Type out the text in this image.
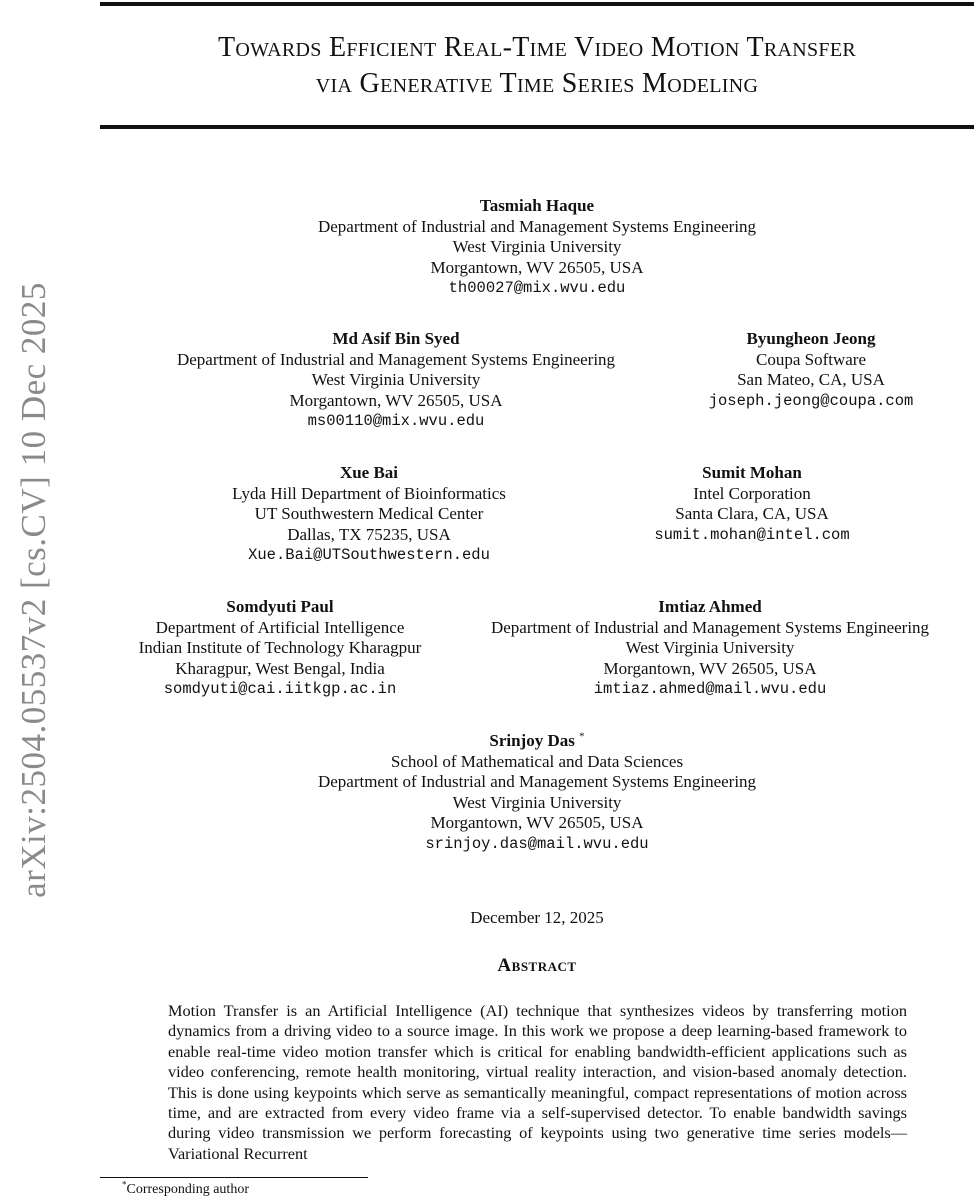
arXiv:2504.05537v2 [cs.CV] 10 Dec 2025
Towards Efficient Real-Time Video Motion Transfer
via Generative Time Series Modeling
Tasmiah Haque
Department of Industrial and Management Systems Engineering
West Virginia University
Morgantown, WV 26505, USA
th00027@mix.wvu.edu
Md Asif Bin Syed
Department of Industrial and Management Systems Engineering
West Virginia University
Morgantown, WV 26505, USA
ms00110@mix.wvu.edu
Byungheon Jeong
Coupa Software
San Mateo, CA, USA
joseph.jeong@coupa.com
Xue Bai
Lyda Hill Department of Bioinformatics
UT Southwestern Medical Center
Dallas, TX 75235, USA
Xue.Bai@UTSouthwestern.edu
Sumit Mohan
Intel Corporation
Santa Clara, CA, USA
sumit.mohan@intel.com
Somdyuti Paul
Department of Artificial Intelligence
Indian Institute of Technology Kharagpur
Kharagpur, West Bengal, India
somdyuti@cai.iitkgp.ac.in
Imtiaz Ahmed
Department of Industrial and Management Systems Engineering
West Virginia University
Morgantown, WV 26505, USA
imtiaz.ahmed@mail.wvu.edu
Srinjoy Das *
School of Mathematical and Data Sciences
Department of Industrial and Management Systems Engineering
West Virginia University
Morgantown, WV 26505, USA
srinjoy.das@mail.wvu.edu
December 12, 2025
Abstract
Motion Transfer is an Artificial Intelligence (AI) technique that synthesizes videos by transferring motion dynamics from a driving video to a source image. In this work we propose a deep learning-based framework to enable real-time video motion transfer which is critical for enabling bandwidth-efficient applications such as video conferencing, remote health monitoring, virtual reality interaction, and vision-based anomaly detection. This is done using keypoints which serve as semantically meaningful, compact representations of motion across time, and are extracted from every video frame via a self-supervised detector. To enable bandwidth savings during video transmission we perform forecasting of keypoints using two generative time series models—Variational Recurrent
*Corresponding author
